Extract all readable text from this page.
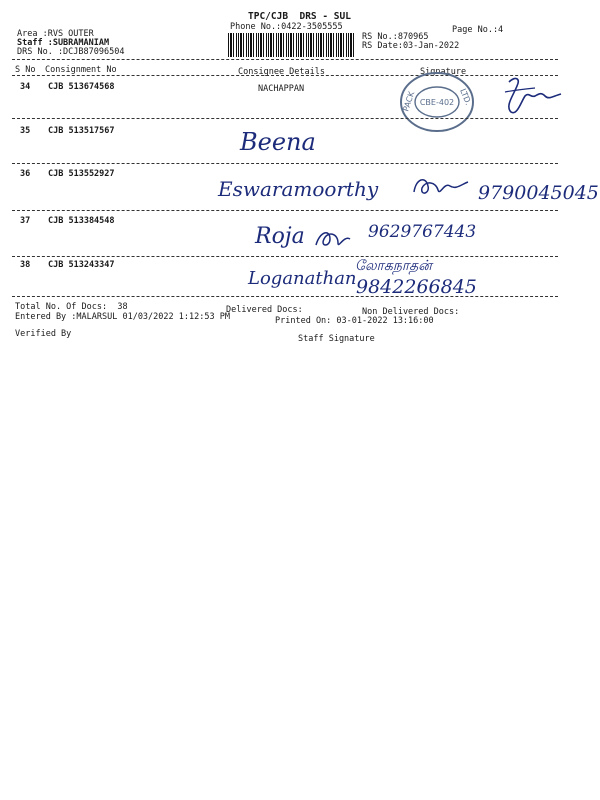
TPC/CJB  DRS - SUL
Phone No.:0422-3505555	Page No.:4
Area :RVS OUTER
Staff :SUBRAMANIAM
DRS No. :DCJB87096504
RS No.:870965
RS Date:03-Jan-2022
S No Consignment No	Consignee Details	Signature
PACK	LTD.
CBE-402
34 CJB 513674568	NACHAPPAN
35 CJB 513517567	Beena
36 CJB 513552927
Eswaramoorthy	9790045045
37 CJB 513384548
Roja	9629767443
38 CJB 513243347
Loganathan
லோகநாதன்
9842266845
Total No. Of Docs:  38	Delivered Docs:	Non Delivered Docs:
Entered By :MALARSUL 01/03/2022 1:12:53 PM	Printed On: 03-01-2022 13:16:00
Verified By	Staff Signature
